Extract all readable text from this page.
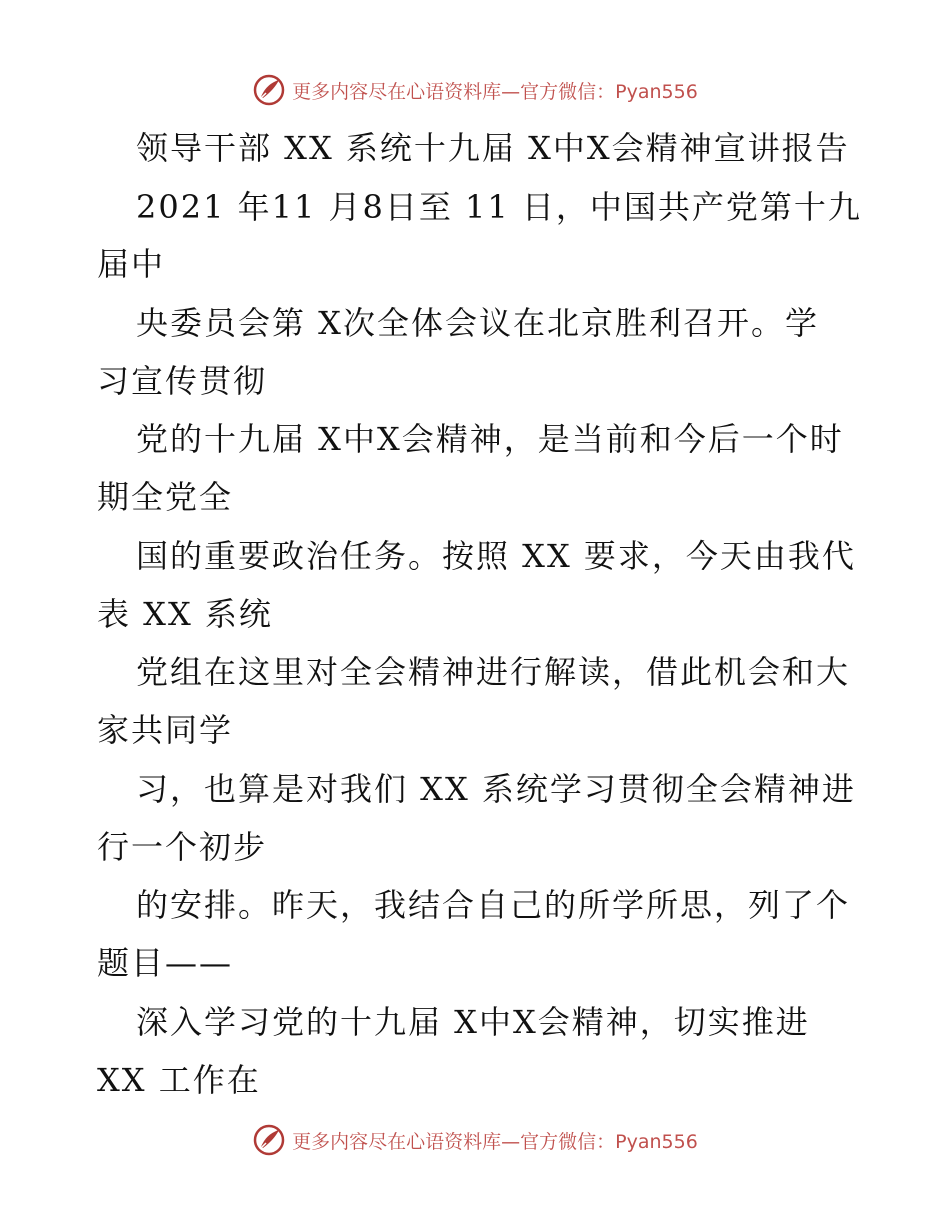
更多内容尽在心语资料库—官方微信：Pyan556
领导干部 XX 系统十九届 X中X会精神宣讲报告
2021 年11 月8日至 11 日，中国共产党第十九
届中
央委员会第 X次全体会议在北京胜利召开。学
习宣传贯彻
党的十九届 X中X会精神，是当前和今后一个时
期全党全
国的重要政治任务。按照 XX 要求，今天由我代
表 XX 系统
党组在这里对全会精神进行解读，借此机会和大
家共同学
习，也算是对我们 XX 系统学习贯彻全会精神进
行一个初步
的安排。昨天，我结合自己的所学所思，列了个
题目——
深入学习党的十九届 X中X会精神，切实推进
XX 工作在
更多内容尽在心语资料库—官方微信：Pyan556
